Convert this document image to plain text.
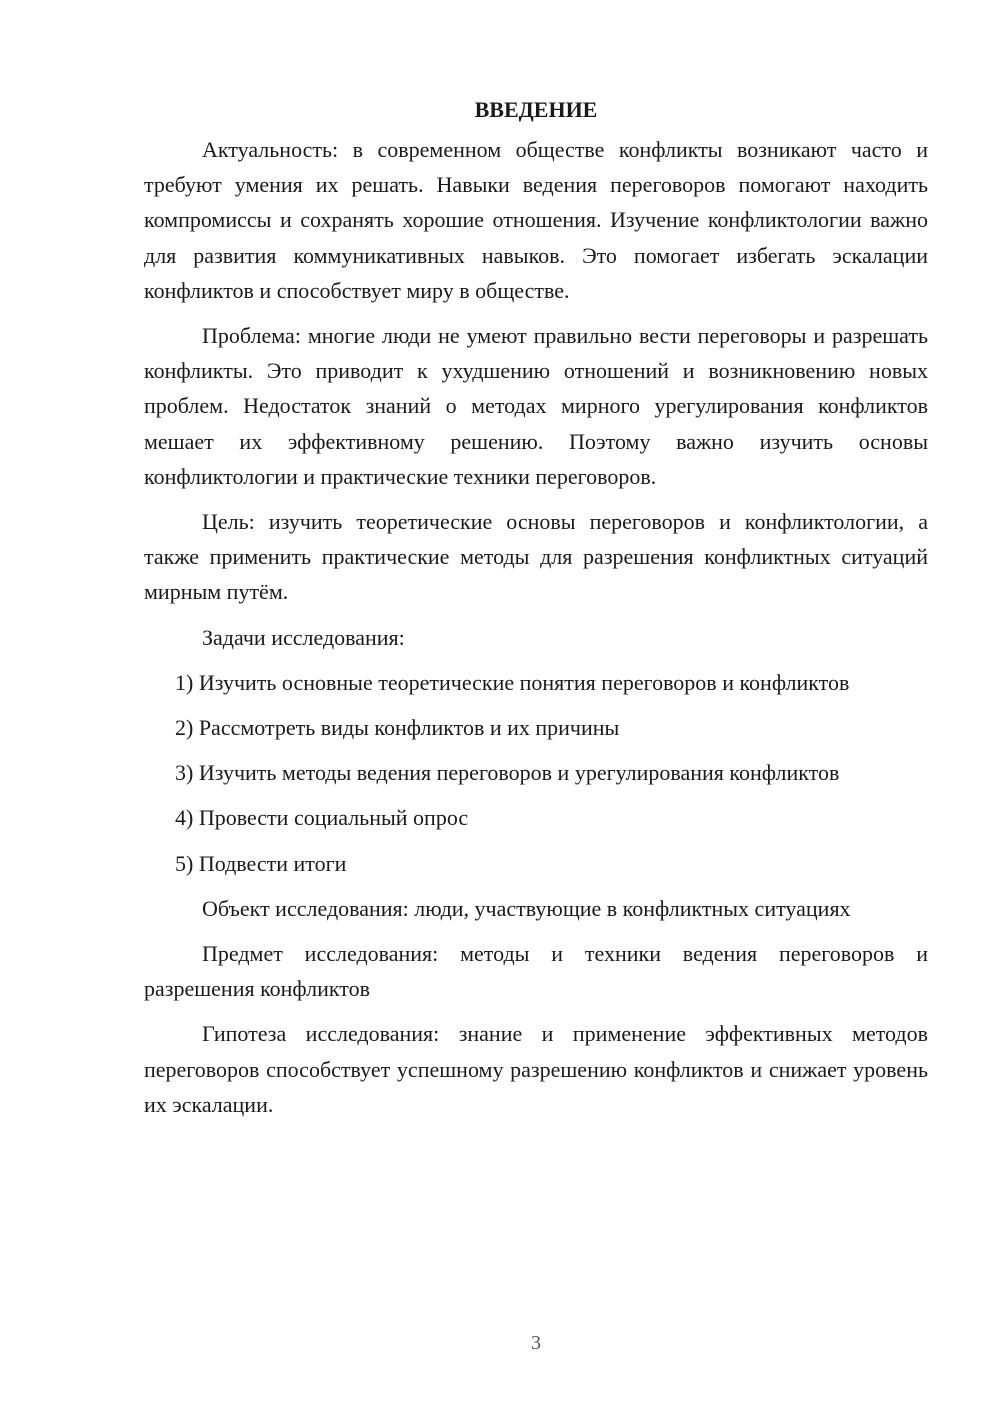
ВВЕДЕНИЕ

Актуальность: в современном обществе конфликты возникают часто и требуют умения их решать. Навыки ведения переговоров помогают находить компромиссы и сохранять хорошие отношения. Изучение конфликтологии важно для развития коммуникативных навыков. Это помогает избегать эскалации конфликтов и способствует миру в обществе.

Проблема: многие люди не умеют правильно вести переговоры и разрешать конфликты. Это приводит к ухудшению отношений и возникновению новых проблем. Недостаток знаний о методах мирного урегулирования конфликтов мешает их эффективному решению. Поэтому важно изучить основы конфликтологии и практические техники переговоров.

Цель: изучить теоретические основы переговоров и конфликтологии, а также применить практические методы для разрешения конфликтных ситуаций мирным путём.

Задачи исследования:

1) Изучить основные теоретические понятия переговоров и конфликтов

2) Рассмотреть виды конфликтов и их причины

3) Изучить методы ведения переговоров и урегулирования конфликтов

4) Провести социальный опрос

5) Подвести итоги

Объект исследования: люди, участвующие в конфликтных ситуациях

Предмет исследования: методы и техники ведения переговоров и разрешения конфликтов

Гипотеза исследования: знание и применение эффективных методов переговоров способствует успешному разрешению конфликтов и снижает уровень их эскалации.

3
